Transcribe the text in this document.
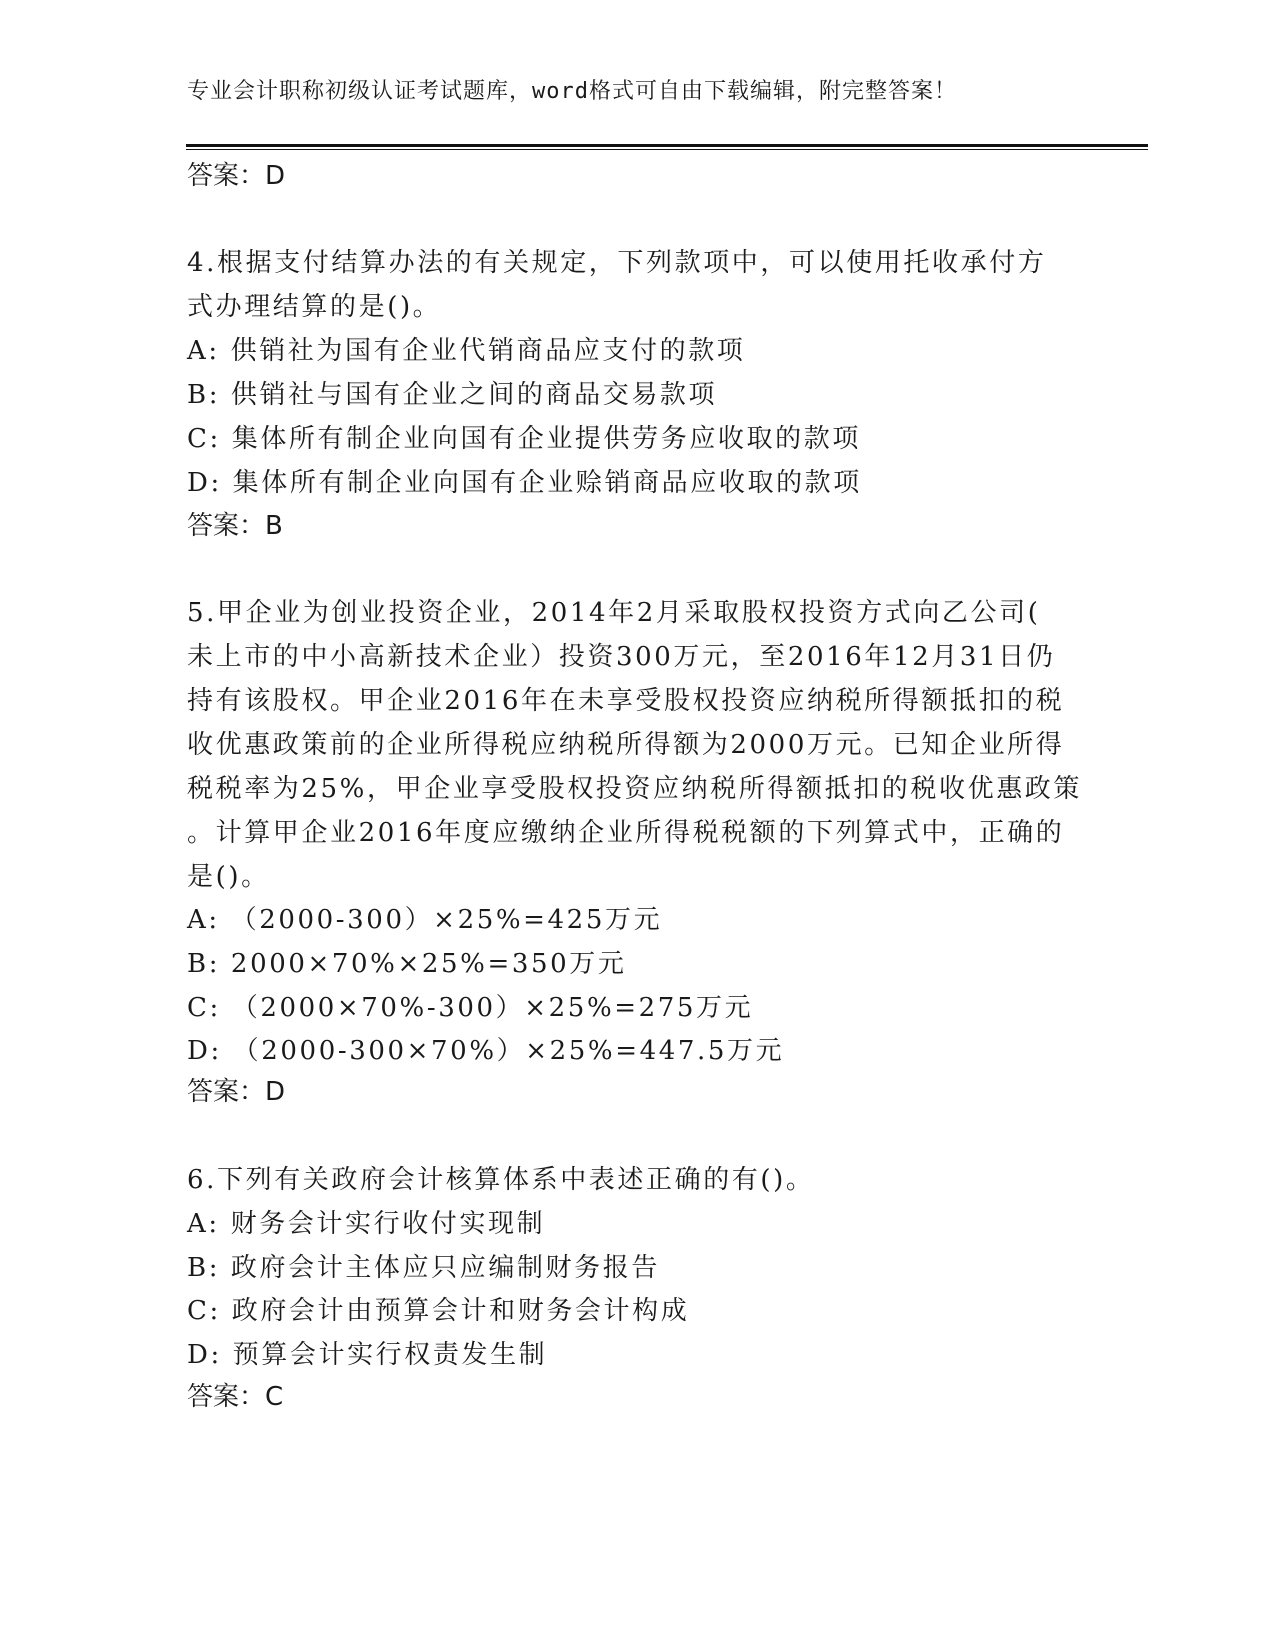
专业会计职称初级认证考试题库，word格式可自由下载编辑，附完整答案！
答案：D
4.根据支付结算办法的有关规定，下列款项中，可以使用托收承付方
式办理结算的是()。
A: 供销社为国有企业代销商品应支付的款项
B: 供销社与国有企业之间的商品交易款项
C: 集体所有制企业向国有企业提供劳务应收取的款项
D: 集体所有制企业向国有企业赊销商品应收取的款项
答案：B
5.甲企业为创业投资企业，2014年2月采取股权投资方式向乙公司(
未上市的中小高新技术企业）投资300万元，至2016年12月31日仍
持有该股权。甲企业2016年在未享受股权投资应纳税所得额抵扣的税
收优惠政策前的企业所得税应纳税所得额为2000万元。已知企业所得
税税率为25%，甲企业享受股权投资应纳税所得额抵扣的税收优惠政策
。计算甲企业2016年度应缴纳企业所得税税额的下列算式中，正确的
是()。
A: （2000-300）×25%=425万元
B: 2000×70%×25%=350万元
C: （2000×70%-300）×25%=275万元
D: （2000-300×70%）×25%=447.5万元
答案：D
6.下列有关政府会计核算体系中表述正确的有()。
A: 财务会计实行收付实现制
B: 政府会计主体应只应编制财务报告
C: 政府会计由预算会计和财务会计构成
D: 预算会计实行权责发生制
答案：C
